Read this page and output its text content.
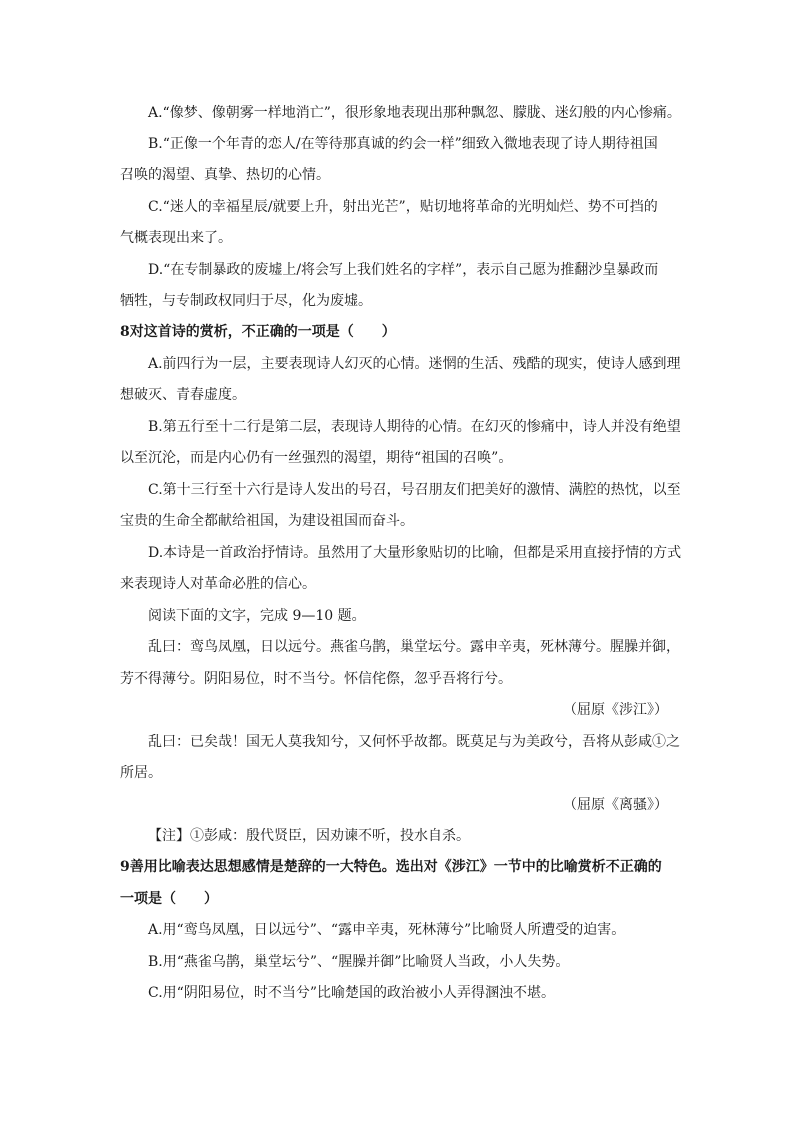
A.“像梦、像朝雾一样地消亡”，很形象地表现出那种飘忽、朦胧、迷幻般的内心惨痛。
B.“正像一个年青的恋人/在等待那真诚的约会一样”细致入微地表现了诗人期待祖国
召唤的渴望、真挚、热切的心情。
C.“迷人的幸福星辰/就要上升，射出光芒”，贴切地将革命的光明灿烂、势不可挡的
气概表现出来了。
D.“在专制暴政的废墟上/将会写上我们姓名的字样”，表示自己愿为推翻沙皇暴政而
牺牲，与专制政权同归于尽，化为废墟。
8对这首诗的赏析，不正确的一项是（　　）
A.前四行为一层，主要表现诗人幻灭的心情。迷惘的生活、残酷的现实，使诗人感到理
想破灭、青春虚度。
B.第五行至十二行是第二层，表现诗人期待的心情。在幻灭的惨痛中，诗人并没有绝望
以至沉沦，而是内心仍有一丝强烈的渴望，期待“祖国的召唤”。
C.第十三行至十六行是诗人发出的号召，号召朋友们把美好的激情、满腔的热忱，以至
宝贵的生命全都献给祖国，为建设祖国而奋斗。
D.本诗是一首政治抒情诗。虽然用了大量形象贴切的比喻，但都是采用直接抒情的方式
来表现诗人对革命必胜的信心。
阅读下面的文字，完成 9—10 题。
乱曰：鸾鸟凤凰，日以远兮。燕雀乌鹊，巢堂坛兮。露申辛夷，死林薄兮。腥臊并御，
芳不得薄兮。阴阳易位，时不当兮。怀信侘傺，忽乎吾将行兮。
（屈原《涉江》）
乱曰：已矣哉！国无人莫我知兮，又何怀乎故都。既莫足与为美政兮，吾将从彭咸①之
所居。
（屈原《离骚》）
【注】①彭咸：殷代贤臣，因劝谏不听，投水自杀。
9善用比喻表达思想感情是楚辞的一大特色。选出对《涉江》一节中的比喻赏析不正确的
一项是（　　）
A.用“鸾鸟凤凰，日以远兮”、“露申辛夷，死林薄兮”比喻贤人所遭受的迫害。
B.用“燕雀乌鹊，巢堂坛兮”、“腥臊并御”比喻贤人当政，小人失势。
C.用“阴阳易位，时不当兮”比喻楚国的政治被小人弄得溷浊不堪。
